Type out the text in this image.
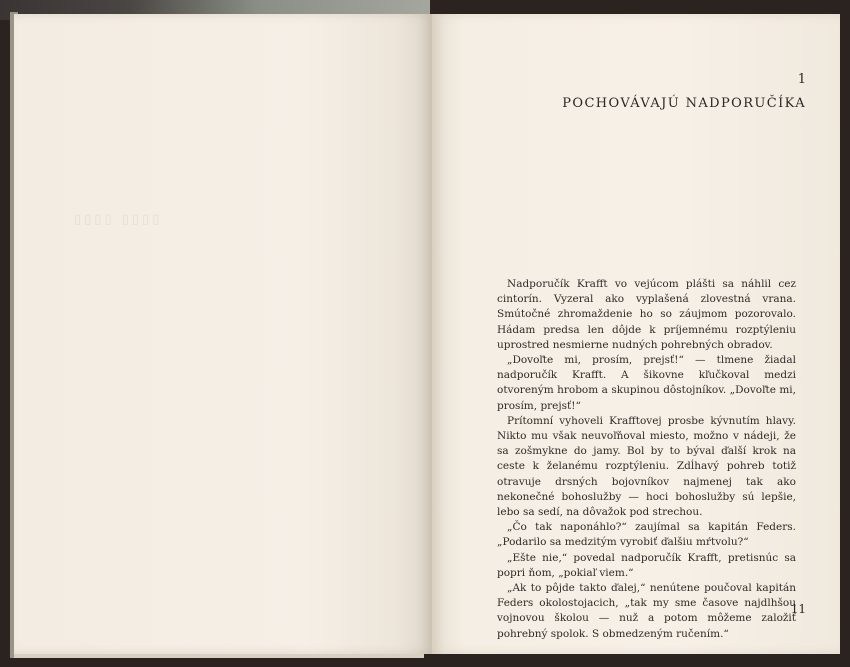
▯▯▯▯ ▯▯▯▯
1
POCHOVÁVAJÚ NADPORUČÍKA

Nadporučík Krafft vo vejúcom plášti sa náhlil cez cintorín. Vyzeral ako vyplašená zlovestná vrana. Smútočné zhromaždenie ho so záujmom pozorovalo. Hádam predsa len dôjde k príjemnému rozptýleniu uprostred nesmierne nudných pohrebných obradov.

„Dovoľte mi, prosím, prejsť!“ — tlmene žiadal nadporučík Krafft. A šikovne kľučkoval medzi otvoreným hrobom a skupinou dôstojníkov. „Dovoľte mi, prosím, prejsť!“

Prítomní vyhoveli Krafftovej prosbe kývnutím hlavy. Nikto mu však neuvoľňoval miesto, možno v nádeji, že sa zošmykne do jamy. Bol by to býval ďalší krok na ceste k želanému rozptýleniu. Zdĺhavý pohreb totiž otravuje drsných bojovníkov najmenej tak ako nekonečné bohoslužby — hoci bohoslužby sú lepšie, lebo sa sedí, na dôvažok pod strechou.

„Čo tak naponáhlo?“ zaujímal sa kapitán Feders. „Podarilo sa medzitým vyrobiť ďalšiu mŕtvolu?“

„Ešte nie,“ povedal nadporučík Krafft, pretisnúc sa popri ňom, „pokiaľ viem.“

„Ak to pôjde takto ďalej,“ nenútene poučoval kapitán Feders okolostojacich, „tak my sme časove najdlhšou vojnovou školou — nuž a potom môžeme založiť pohrebný spolok. S obmedzeným ručením.“

11
